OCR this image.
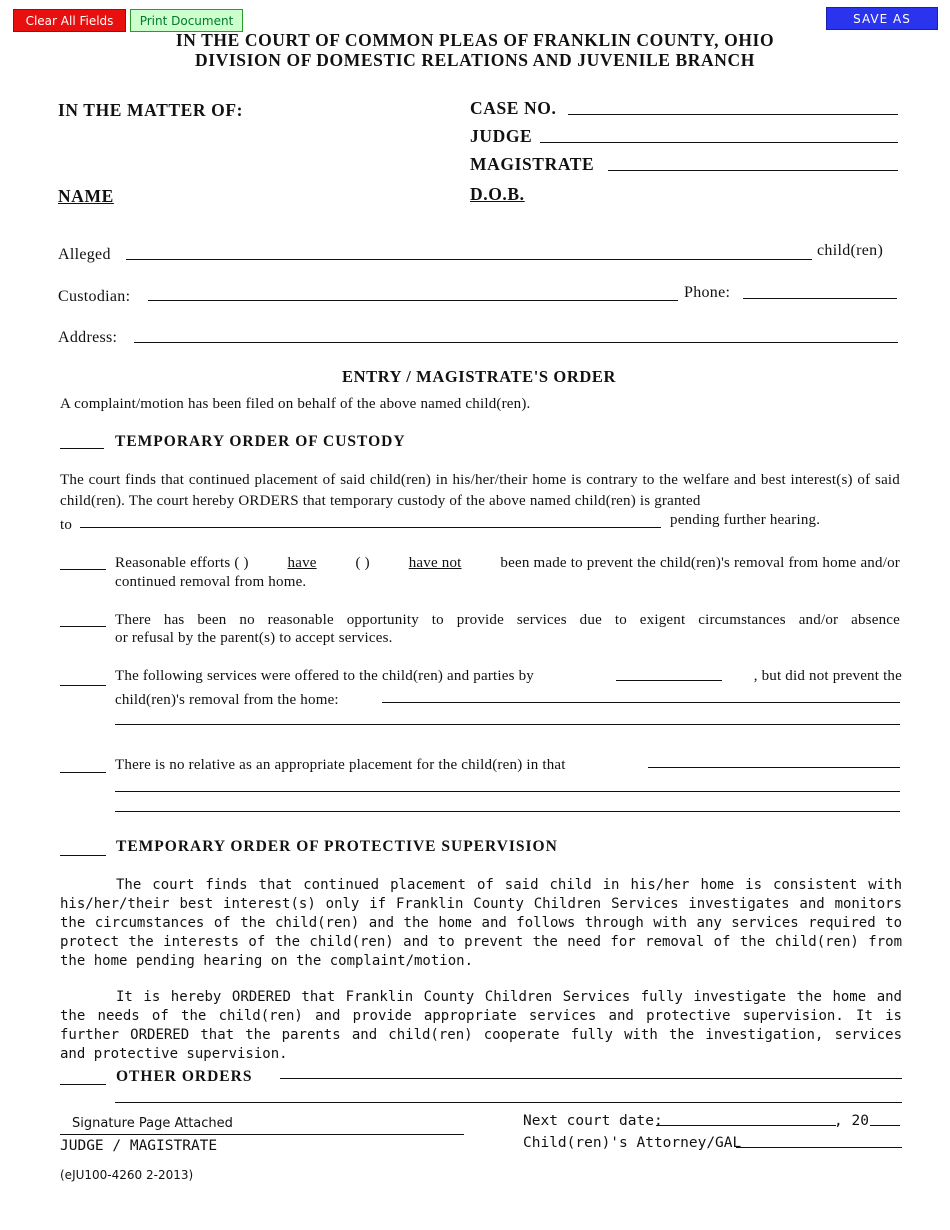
Clear All Fields	Print Document	SAVE AS
IN THE COURT OF COMMON PLEAS OF FRANKLIN COUNTY, OHIO
DIVISION OF DOMESTIC RELATIONS AND JUVENILE BRANCH
IN THE MATTER OF:	CASE NO.
JUDGE
MAGISTRATE
NAME	D.O.B.
Alleged	child(ren)
Custodian:	Phone:
Address:
ENTRY / MAGISTRATE'S ORDER
A complaint/motion has been filed on behalf of the above named child(ren).
TEMPORARY ORDER OF CUSTODY
The court finds that continued placement of said child(ren) in his/her/their home is contrary to the welfare and best interest(s) of said child(ren). The court hereby ORDERS that temporary custody of the above named child(ren) is granted
to	pending further hearing.
Reasonable efforts ( )	have	( )	have not	been made to prevent the child(ren)'s removal from home and/or
continued removal from home.
There has been no reasonable opportunity to provide services due to exigent circumstances and/or absence
or refusal by the parent(s) to accept services.
The following services were offered to the child(ren) and parties by	, but did not prevent the
child(ren)'s removal from the home:
There is no relative as an appropriate placement for the child(ren) in that
TEMPORARY ORDER OF PROTECTIVE SUPERVISION
The court finds that continued placement of said child in his/her home is consistent with his/her/their best interest(s) only if Franklin County Children Services investigates and monitors the circumstances of the child(ren) and the home and follows through with any services required to protect the interests of the child(ren) and to prevent the need for removal of the child(ren) from the home pending hearing on the complaint/motion.
It is hereby ORDERED that Franklin County Children Services fully investigate the home and the needs of the child(ren) and provide appropriate services and protective supervision. It is further ORDERED that the parents and child(ren) cooperate fully with the investigation, services and protective supervision.
OTHER ORDERS
Signature Page Attached
JUDGE / MAGISTRATE
Next court date:	, 20
Child(ren)'s Attorney/GAL
(eJU100-4260 2-2013)
